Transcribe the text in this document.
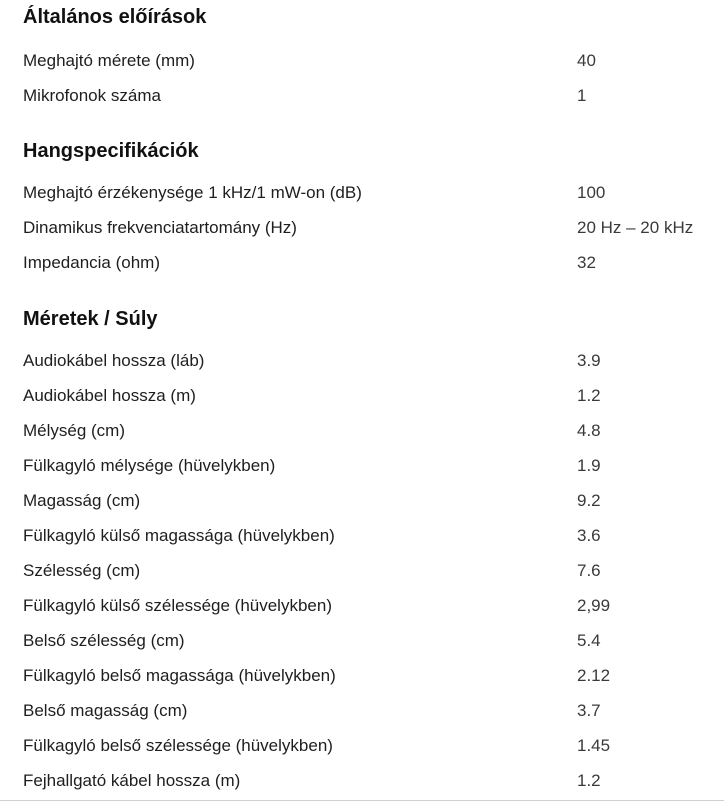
Általános előírások
Meghajtó mérete (mm)	40
Mikrofonok száma	1
Hangspecifikációk
Meghajtó érzékenysége 1 kHz/1 mW-on (dB)	100
Dinamikus frekvenciatartomány (Hz)	20 Hz – 20 kHz
Impedancia (ohm)	32
Méretek / Súly
Audiokábel hossza (láb)	3.9
Audiokábel hossza (m)	1.2
Mélység (cm)	4.8
Fülkagyló mélysége (hüvelykben)	1.9
Magasság (cm)	9.2
Fülkagyló külső magassága (hüvelykben)	3.6
Szélesség (cm)	7.6
Fülkagyló külső szélessége (hüvelykben)	2,99
Belső szélesség (cm)	5.4
Fülkagyló belső magassága (hüvelykben)	2.12
Belső magasság (cm)	3.7
Fülkagyló belső szélessége (hüvelykben)	1.45
Fejhallgató kábel hossza (m)	1.2
